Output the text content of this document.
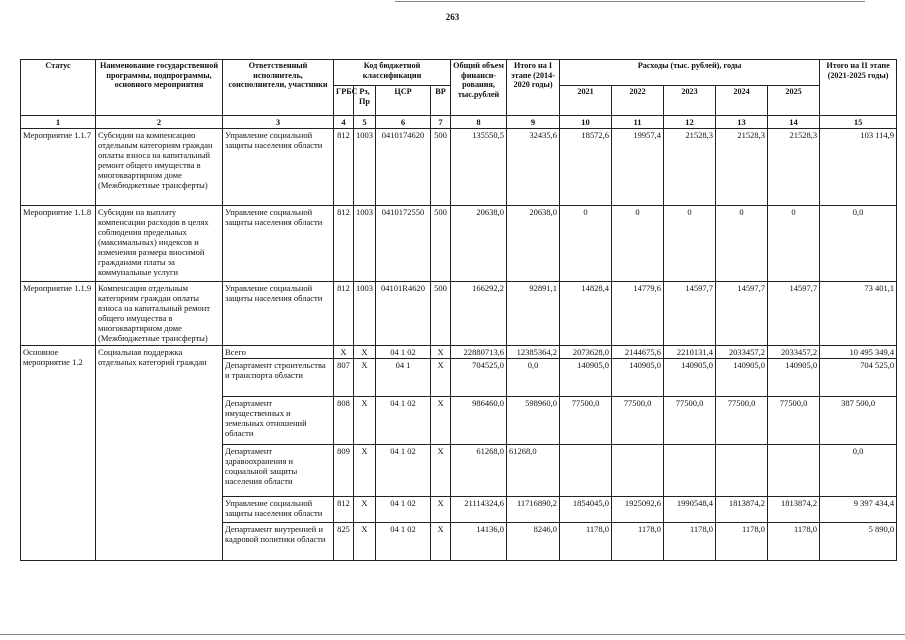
263
Статус	Наименование государственной программы, подпрограммы, основного мероприятия	Ответственный исполнитель, соисполнители, участники	Код бюджетной классификации				Общий объем финанси-рования, тыс.рублей	Итого на I этапе (2014-2020 годы)	Расходы (тыс. рублей), годы					Итого на II этапе (2021-2025 годы)
			ГРБС	Рз, Пр	ЦСР	ВР			2021	2022	2023	2024	2025	
1	2	3	4	5	6	7	8	9	10	11	12	13	14	15
Мероприятие 1.1.7	Субсидии на компенсацию отдельным категориям граждан оплаты взноса на капитальный ремонт общего имущества в многоквартирном доме (Межбюджетные трансферты)	Управление социальной защиты населения области	812	1003	0410174620	500	135550,5	32435,6	18572,6	19957,4	21528,3	21528,3	21528,3	103 114,9
Мероприятие 1.1.8	Субсидии на выплату компенсации расходов в целях соблюдения предельных (максимальных) индексов и изменения размера вносимой гражданами платы за коммунальные услуги	Управление социальной защиты населения области	812	1003	0410172550	500	20638,0	20638,0	0	0	0	0	0	0,0
Мероприятие 1.1.9	Компенсация отдельным категориям граждан оплаты взноса на капитальный ремонт общего имущества в многоквартирном доме (Межбюджетные трансферты)	Управление социальной защиты населения области	812	1003	04101R4620	500	166292,2	92891,1	14828,4	14779,6	14597,7	14597,7	14597,7	73 401,1
Основное мероприятие 1.2	Социальная поддержка отдельных категорий граждан	Всего	Х	Х	04 1 02	Х	22880713,6	12385364,2	2073628,0	2144675,6	2210131,4	2033457,2	2033457,2	10 495 349,4
		Департамент строительства и транспорта области	807	Х	04 1	Х	704525,0	0,0	140905,0	140905,0	140905,0	140905,0	140905,0	704 525,0
		Департамент имущественных и земельных отношений области	808	Х	04 1 02	Х	986460,0	598960,0	77500,0	77500,0	77500,0	77500,0	77500,0	387 500,0
		Департамент здравоохранения и социальной защиты населения области	809	Х	04 1 02	Х	61268,0	61268,0						0,0
		Управление социальной защиты населения области	812	Х	04 1 02	Х	21114324,6	11716890,2	1854045,0	1925092,6	1990548,4	1813874,2	1813874,2	9 397 434,4
		Департамент внутренней и кадровой политики области	825	Х	04 1 02	Х	14136,0	8246,0	1178,0	1178,0	1178,0	1178,0	1178,0	5 890,0
